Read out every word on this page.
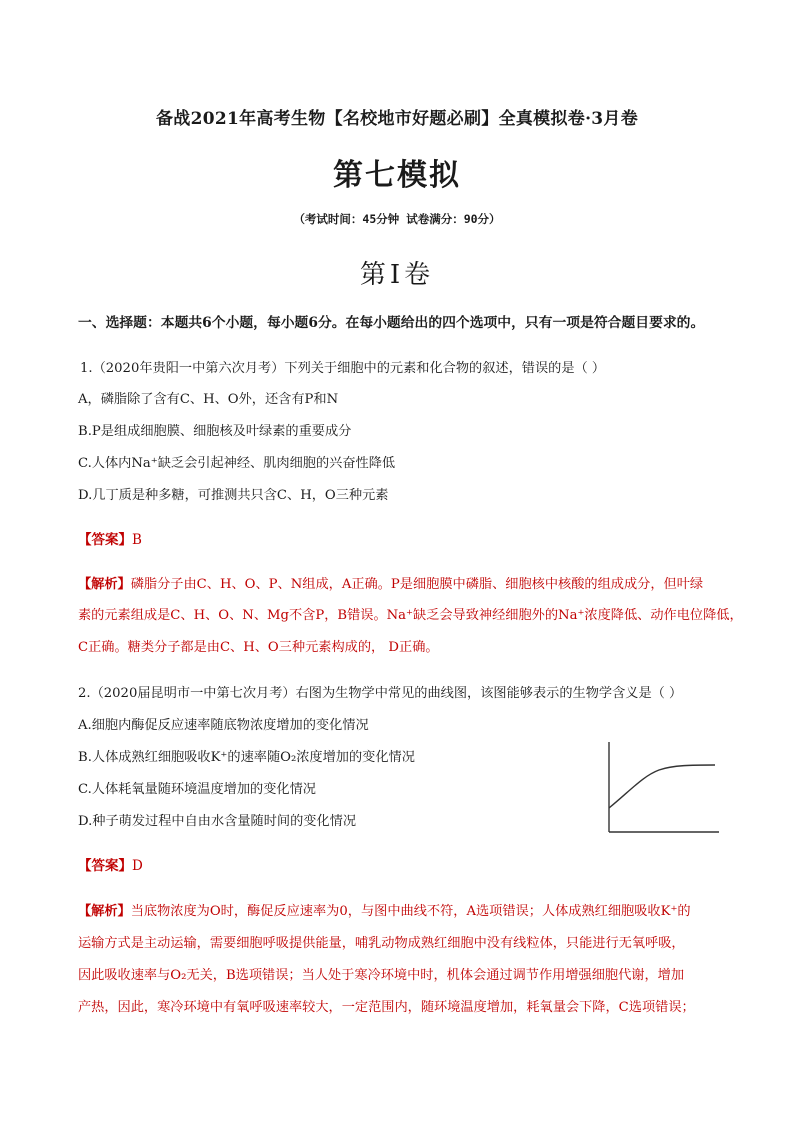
备战2021年高考生物【名校地市好题必刷】全真模拟卷·3月卷
第七模拟
（考试时间：45分钟 试卷满分：90分）
第Ⅰ卷
一、选择题：本题共6个小题，每小题6分。在每小题给出的四个选项中，只有一项是符合题目要求的。
1.（2020年贵阳一中第六次月考）下列关于细胞中的元素和化合物的叙述，错误的是（ ）
A，磷脂除了含有C、H、O外，还含有P和N
B.P是组成细胞膜、细胞核及叶绿素的重要成分
C.人体内Na⁺缺乏会引起神经、肌肉细胞的兴奋性降低
D.几丁质是种多糖，可推测共只含C、H，O三种元素
【答案】B
【解析】磷脂分子由C、H、O、P、N组成，A正确。P是细胞膜中磷脂、细胞核中核酸的组成成分，但叶绿
素的元素组成是C、H、O、N、Mg不含P，B错误。Na⁺缺乏会导致神经细胞外的Na⁺浓度降低、动作电位降低，
C正确。糖类分子都是由C、H、O三种元素构成的， D正确。
2.（2020届昆明市一中第七次月考）右图为生物学中常见的曲线图，该图能够表示的生物学含义是（ ）
A.细胞内酶促反应速率随底物浓度增加的变化情况
B.人体成熟红细胞吸收K⁺的速率随O₂浓度增加的变化情况
C.人体耗氧量随环境温度增加的变化情况
D.种子萌发过程中自由水含量随时间的变化情况
【答案】D
【解析】当底物浓度为O时，酶促反应速率为0，与图中曲线不符，A选项错误；人体成熟红细胞吸收K⁺的
运输方式是主动运输，需要细胞呼吸提供能量，哺乳动物成熟红细胞中没有线粒体，只能进行无氧呼吸，
因此吸收速率与O₂无关，B选项错误；当人处于寒冷环境中时，机体会通过调节作用增强细胞代谢，增加
产热，因此，寒冷环境中有氧呼吸速率较大，一定范围内，随环境温度增加，耗氧量会下降，C选项错误；
